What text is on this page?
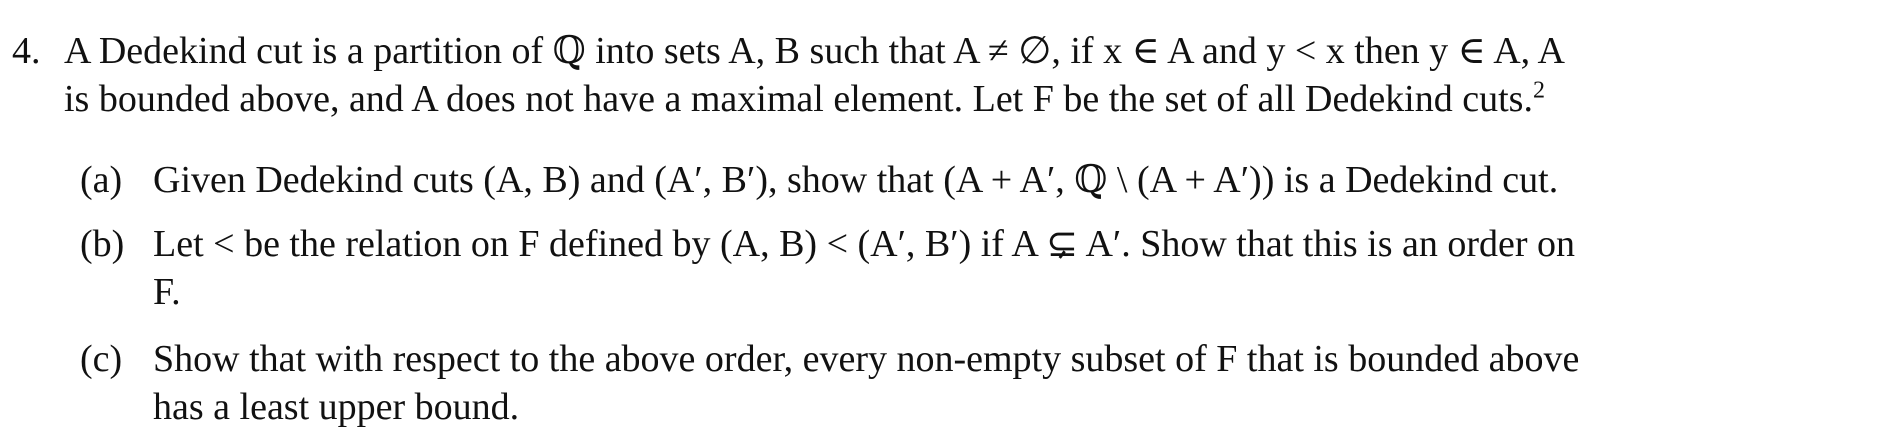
4. A Dedekind cut is a partition of ℚ into sets A, B such that A ≠ ∅, if x ∈ A and y < x then y ∈ A, A
is bounded above, and A does not have a maximal element. Let F be the set of all Dedekind cuts.$^2$
(a) Given Dedekind cuts (A, B) and (A′, B′), show that (A + A′, ℚ \ (A + A′)) is a Dedekind cut.
(b) Let < be the relation on F defined by (A, B) < (A′, B′) if A ⊊ A′. Show that this is an order on
F.
(c) Show that with respect to the above order, every non-empty subset of F that is bounded above
has a least upper bound.
